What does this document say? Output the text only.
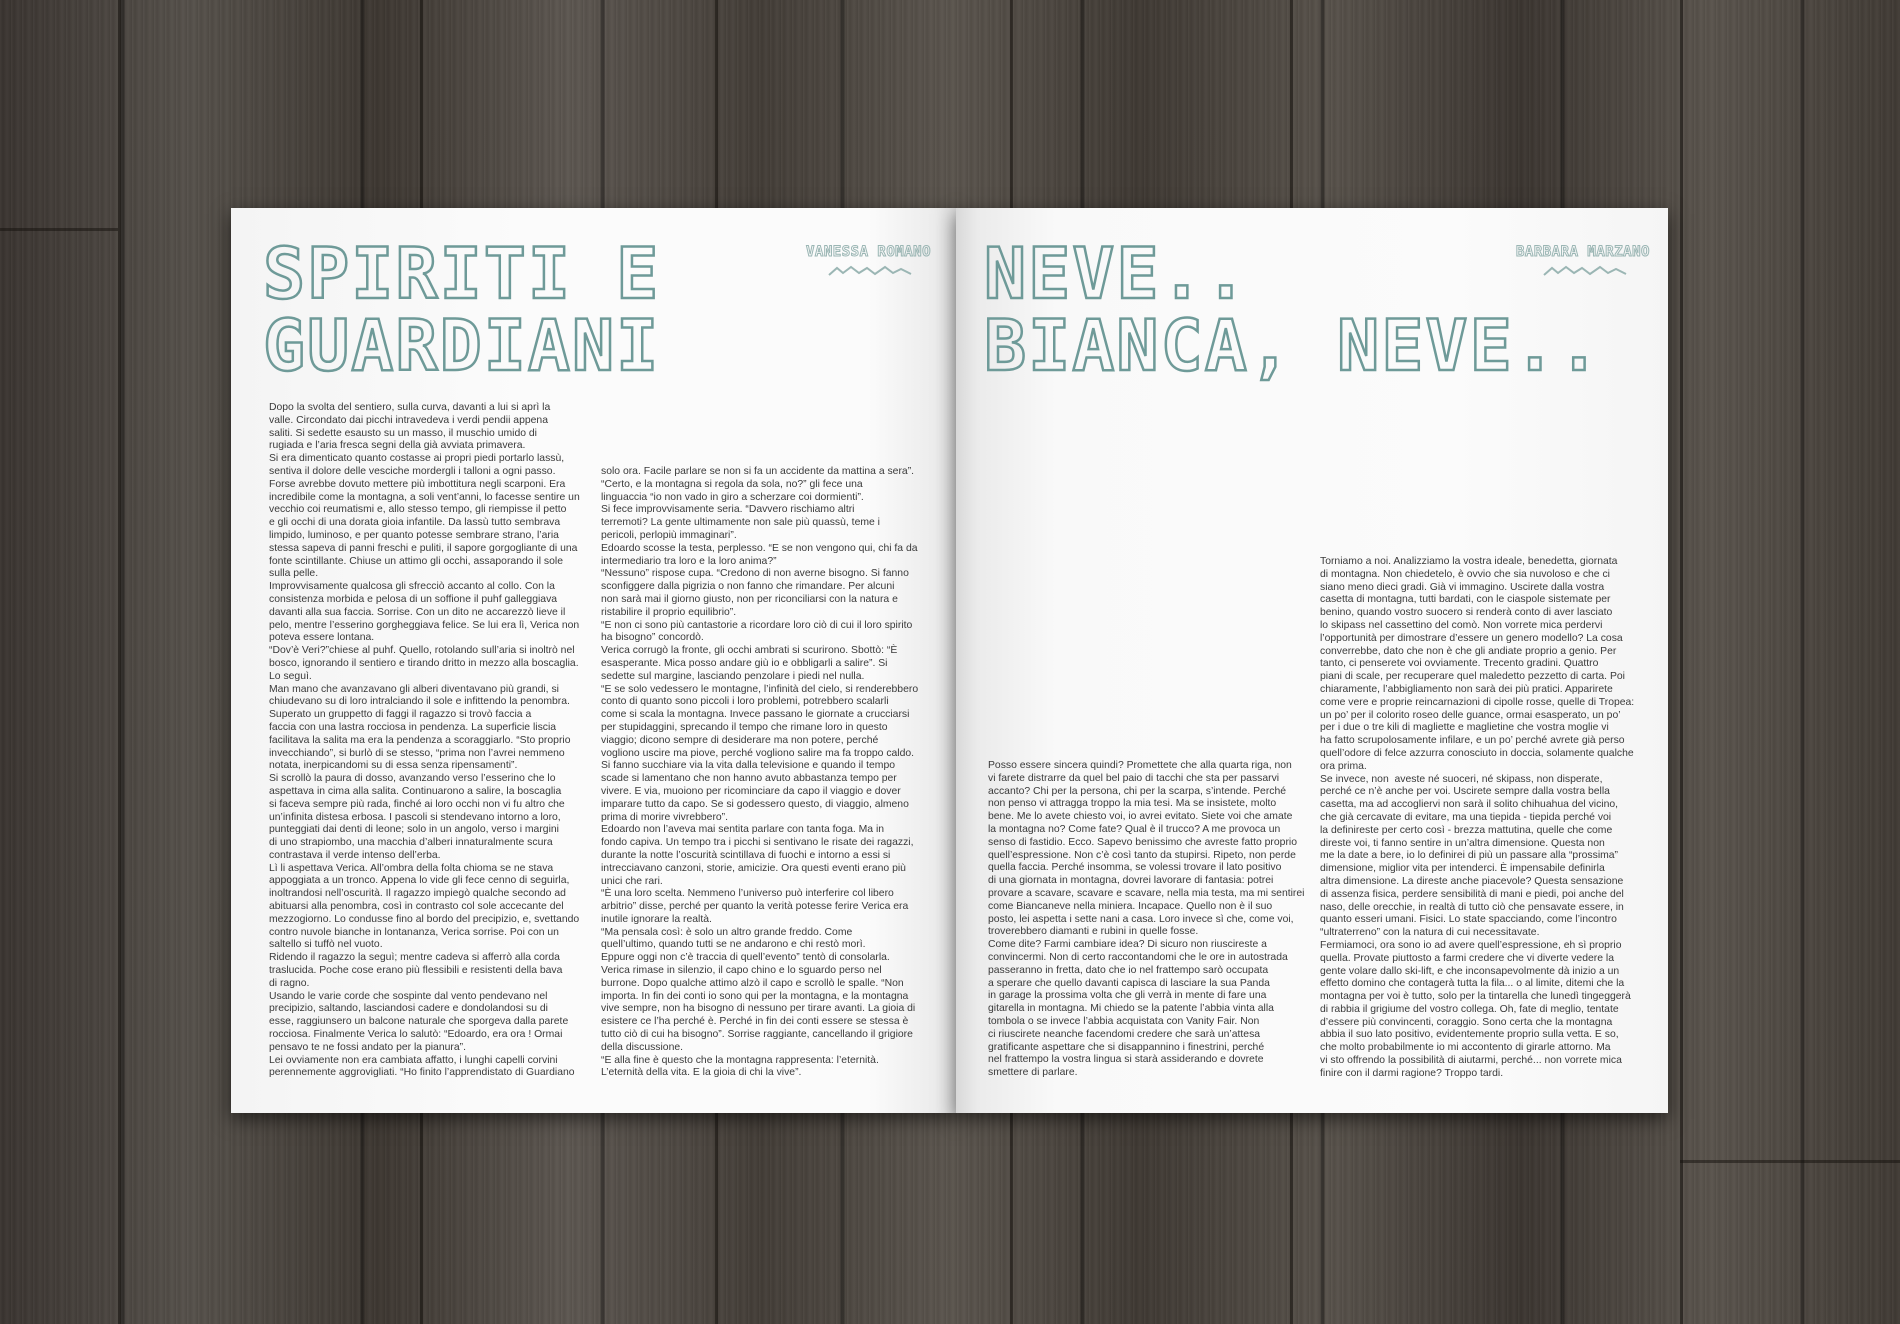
SPIRITI E
GUARDIANI
VANESSA ROMANO
Dopo la svolta del sentiero, sulla curva, davanti a lui si aprì la
valle. Circondato dai picchi intravedeva i verdi pendii appena
saliti. Si sedette esausto su un masso, il muschio umido di
rugiada e l’aria fresca segni della già avviata primavera.
Si era dimenticato quanto costasse ai propri piedi portarlo lassù,
sentiva il dolore delle vesciche mordergli i talloni a ogni passo.
Forse avrebbe dovuto mettere più imbottitura negli scarponi. Era
incredibile come la montagna, a soli vent’anni, lo facesse sentire un
vecchio coi reumatismi e, allo stesso tempo, gli riempisse il petto
e gli occhi di una dorata gioia infantile. Da lassù tutto sembrava
limpido, luminoso, e per quanto potesse sembrare strano, l’aria
stessa sapeva di panni freschi e puliti, il sapore gorgogliante di una
fonte scintillante. Chiuse un attimo gli occhi, assaporando il sole
sulla pelle.
Improvvisamente qualcosa gli sfrecciò accanto al collo. Con la
consistenza morbida e pelosa di un soffione il puhf galleggiava
davanti alla sua faccia. Sorrise. Con un dito ne accarezzò lieve il
pelo, mentre l’esserino gorgheggiava felice. Se lui era lì, Verica non
poteva essere lontana.
“Dov’è Veri?”chiese al puhf. Quello, rotolando sull’aria si inoltrò nel
bosco, ignorando il sentiero e tirando dritto in mezzo alla boscaglia.
Lo seguì.
Man mano che avanzavano gli alberi diventavano più grandi, si
chiudevano su di loro intralciando il sole e infittendo la penombra.
Superato un gruppetto di faggi il ragazzo si trovò faccia a
faccia con una lastra rocciosa in pendenza. La superficie liscia
facilitava la salita ma era la pendenza a scoraggiarlo. “Sto proprio
invecchiando”, si burlò di se stesso, “prima non l’avrei nemmeno
notata, inerpicandomi su di essa senza ripensamenti”.
Si scrollò la paura di dosso, avanzando verso l’esserino che lo
aspettava in cima alla salita. Continuarono a salire, la boscaglia
si faceva sempre più rada, finché ai loro occhi non vi fu altro che
un’infinita distesa erbosa. I pascoli si stendevano intorno a loro,
punteggiati dai denti di leone; solo in un angolo, verso i margini
di uno strapiombo, una macchia d’alberi innaturalmente scura
contrastava il verde intenso dell’erba.
Lì li aspettava Verica. All’ombra della folta chioma se ne stava
appoggiata a un tronco. Appena lo vide gli fece cenno di seguirla,
inoltrandosi nell’oscurità. Il ragazzo impiegò qualche secondo ad
abituarsi alla penombra, così in contrasto col sole accecante del
mezzogiorno. Lo condusse fino al bordo del precipizio, e, svettando
contro nuvole bianche in lontananza, Verica sorrise. Poi con un
saltello si tuffò nel vuoto.
Ridendo il ragazzo la seguì; mentre cadeva si afferrò alla corda
traslucida. Poche cose erano più flessibili e resistenti della bava
di ragno.
Usando le varie corde che sospinte dal vento pendevano nel
precipizio, saltando, lasciandosi cadere e dondolandosi su di
esse, raggiunsero un balcone naturale che sporgeva dalla parete
rocciosa. Finalmente Verica lo salutò: “Edoardo, era ora ! Ormai
pensavo te ne fossi andato per la pianura”.
Lei ovviamente non era cambiata affatto, i lunghi capelli corvini
perennemente aggrovigliati. “Ho finito l’apprendistato di Guardiano
solo ora. Facile parlare se non si fa un accidente da mattina a sera”.
“Certo, e la montagna si regola da sola, no?” gli fece una
linguaccia “io non vado in giro a scherzare coi dormienti”.
Si fece improvvisamente seria. “Davvero rischiamo altri
terremoti? La gente ultimamente non sale più quassù, teme i
pericoli, perlopiù immaginari”.
Edoardo scosse la testa, perplesso. “E se non vengono qui, chi fa da
intermediario tra loro e la loro anima?”
“Nessuno” rispose cupa. “Credono di non averne bisogno. Si fanno
sconfiggere dalla pigrizia o non fanno che rimandare. Per alcuni
non sarà mai il giorno giusto, non per riconciliarsi con la natura e
ristabilire il proprio equilibrio”.
“E non ci sono più cantastorie a ricordare loro ciò di cui il loro spirito
ha bisogno” concordò.
Verica corrugò la fronte, gli occhi ambrati si scurirono. Sbottò: “È
esasperante. Mica posso andare giù io e obbligarli a salire”. Si
sedette sul margine, lasciando penzolare i piedi nel nulla.
“E se solo vedessero le montagne, l’infinità del cielo, si renderebbero
conto di quanto sono piccoli i loro problemi, potrebbero scalarli
come si scala la montagna. Invece passano le giornate a crucciarsi
per stupidaggini, sprecando il tempo che rimane loro in questo
viaggio; dicono sempre di desiderare ma non potere, perché
vogliono uscire ma piove, perché vogliono salire ma fa troppo caldo.
Si fanno succhiare via la vita dalla televisione e quando il tempo
scade si lamentano che non hanno avuto abbastanza tempo per
vivere. E via, muoiono per ricominciare da capo il viaggio e dover
imparare tutto da capo. Se si godessero questo, di viaggio, almeno
prima di morire vivrebbero”.
Edoardo non l’aveva mai sentita parlare con tanta foga. Ma in
fondo capiva. Un tempo tra i picchi si sentivano le risate dei ragazzi,
durante la notte l’oscurità scintillava di fuochi e intorno a essi si
intrecciavano canzoni, storie, amicizie. Ora questi eventi erano più
unici che rari.
“È una loro scelta. Nemmeno l’universo può interferire col libero
arbitrio” disse, perché per quanto la verità potesse ferire Verica era
inutile ignorare la realtà.
“Ma pensala così: è solo un altro grande freddo. Come
quell’ultimo, quando tutti se ne andarono e chi restò morì.
Eppure oggi non c’è traccia di quell’evento” tentò di consolarla.
Verica rimase in silenzio, il capo chino e lo sguardo perso nel
burrone. Dopo qualche attimo alzò il capo e scrollò le spalle. “Non
importa. In fin dei conti io sono qui per la montagna, e la montagna
vive sempre, non ha bisogno di nessuno per tirare avanti. La gioia di
esistere ce l’ha perché è. Perché in fin dei conti essere se stessa è
tutto ciò di cui ha bisogno”. Sorrise raggiante, cancellando il grigiore
della discussione.
“E alla fine è questo che la montagna rappresenta: l’eternità.
L’eternità della vita. E la gioia di chi la vive”.
NEVE..
BIANCA, NEVE..
BARBARA MARZANO
Posso essere sincera quindi? Promettete che alla quarta riga, non
vi farete distrarre da quel bel paio di tacchi che sta per passarvi
accanto? Chi per la persona, chi per la scarpa, s’intende. Perché
non penso vi attragga troppo la mia tesi. Ma se insistete, molto
bene. Me lo avete chiesto voi, io avrei evitato. Siete voi che amate
la montagna no? Come fate? Qual è il trucco? A me provoca un
senso di fastidio. Ecco. Sapevo benissimo che avreste fatto proprio
quell’espressione. Non c’è così tanto da stupirsi. Ripeto, non perde
quella faccia. Perché insomma, se volessi trovare il lato positivo
di una giornata in montagna, dovrei lavorare di fantasia: potrei
provare a scavare, scavare e scavare, nella mia testa, ma mi sentirei
come Biancaneve nella miniera. Incapace. Quello non è il suo
posto, lei aspetta i sette nani a casa. Loro invece sì che, come voi,
troverebbero diamanti e rubini in quelle fosse.
Come dite? Farmi cambiare idea? Di sicuro non riuscireste a
convincermi. Non di certo raccontandomi che le ore in autostrada
passeranno in fretta, dato che io nel frattempo sarò occupata
a sperare che quello davanti capisca di lasciare la sua Panda
in garage la prossima volta che gli verrà in mente di fare una
gitarella in montagna. Mi chiedo se la patente l’abbia vinta alla
tombola o se invece l’abbia acquistata con Vanity Fair. Non
ci riuscirete neanche facendomi credere che sarà un’attesa
gratificante aspettare che si disappannino i finestrini, perché
nel frattempo la vostra lingua si starà assiderando e dovrete
smettere di parlare.
Torniamo a noi. Analizziamo la vostra ideale, benedetta, giornata
di montagna. Non chiedetelo, è ovvio che sia nuvoloso e che ci
siano meno dieci gradi. Già vi immagino. Uscirete dalla vostra
casetta di montagna, tutti bardati, con le ciaspole sistemate per
benino, quando vostro suocero si renderà conto di aver lasciato
lo skipass nel cassettino del comò. Non vorrete mica perdervi
l’opportunità per dimostrare d’essere un genero modello? La cosa
converrebbe, dato che non è che gli andiate proprio a genio. Per
tanto, ci penserete voi ovviamente. Trecento gradini. Quattro
piani di scale, per recuperare quel maledetto pezzetto di carta. Poi
chiaramente, l’abbigliamento non sarà dei più pratici. Apparirete
come vere e proprie reincarnazioni di cipolle rosse, quelle di Tropea:
un po’ per il colorito roseo delle guance, ormai esasperato, un po’
per i due o tre kili di magliette e maglietine che vostra moglie vi
ha fatto scrupolosamente infilare, e un po’ perché avrete già perso
quell’odore di felce azzurra conosciuto in doccia, solamente qualche
ora prima.
Se invece, non  aveste né suoceri, né skipass, non disperate,
perché ce n’è anche per voi. Uscirete sempre dalla vostra bella
casetta, ma ad accogliervi non sarà il solito chihuahua del vicino,
che già cercavate di evitare, ma una tiepida - tiepida perché voi
la definireste per certo così - brezza mattutina, quelle che come
direste voi, ti fanno sentire in un’altra dimensione. Questa non
me la date a bere, io lo definirei di più un passare alla “prossima”
dimensione, miglior vita per intenderci. È impensabile definirla
altra dimensione. La direste anche piacevole? Questa sensazione
di assenza fisica, perdere sensibilità di mani e piedi, poi anche del
naso, delle orecchie, in realtà di tutto ciò che pensavate essere, in
quanto esseri umani. Fisici. Lo state spacciando, come l’incontro
“ultraterreno” con la natura di cui necessitavate.
Fermiamoci, ora sono io ad avere quell’espressione, eh sì proprio
quella. Provate piuttosto a farmi credere che vi diverte vedere la
gente volare dallo ski-lift, e che inconsapevolmente dà inizio a un
effetto domino che contagerà tutta la fila... o al limite, ditemi che la
montagna per voi è tutto, solo per la tintarella che lunedì tingeggerà
di rabbia il grigiume del vostro collega. Oh, fate di meglio, tentate
d’essere più convincenti, coraggio. Sono certa che la montagna
abbia il suo lato positivo, evidentemente proprio sulla vetta. E so,
che molto probabilmente io mi accontento di girarle attorno. Ma
vi sto offrendo la possibilità di aiutarmi, perché... non vorrete mica
finire con il darmi ragione? Troppo tardi.
